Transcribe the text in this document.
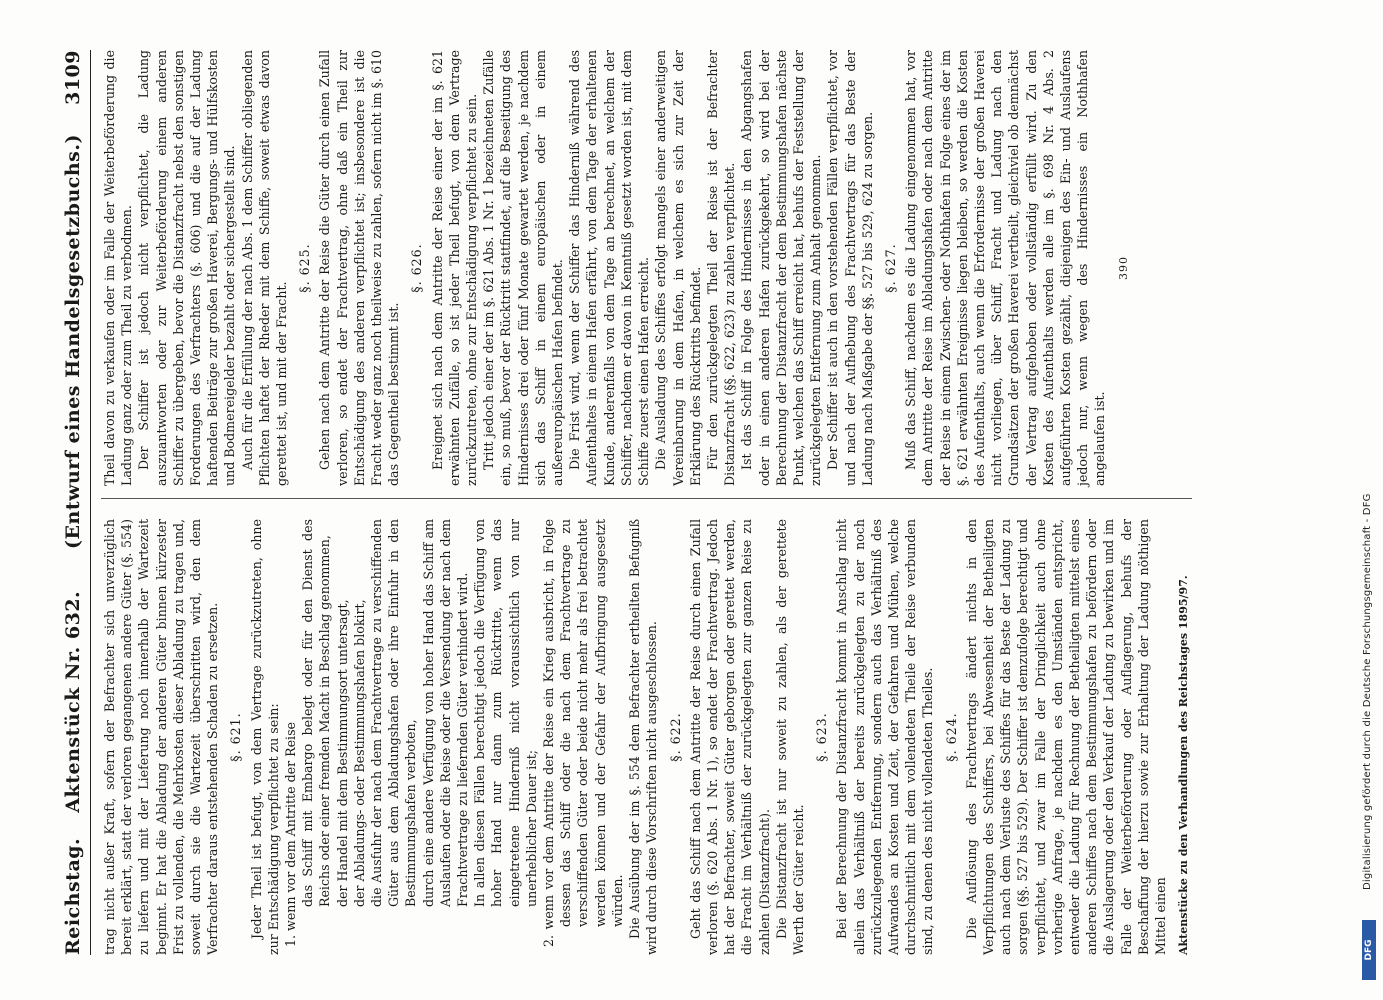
Reichstag. Aktenstück Nr. 632.
(Entwurf eines Handelsgesetzbuchs.) 3109

trag nicht außer Kraft, sofern der Befrachter sich unverzüglich bereit erklärt, statt der verloren gegangenen andere Güter (§. 554) zu liefern und mit der Lieferung noch innerhalb der Wartezeit beginnt. Er hat die Abladung der anderen Güter binnen kürzester Frist zu vollenden, die Mehrkosten dieser Abladung zu tragen und, soweit durch sie die Wartezeit überschritten wird, den dem Verfrachter daraus entstehenden Schaden zu ersetzen. §. 621. Jeder Theil ist befugt, von dem Vertrage zurückzutreten, ohne zur Entschädigung verpflichtet zu sein: 1. wenn vor dem Antritte der Reise das Schiff mit Embargo belegt oder für den Dienst des Reichs oder einer fremden Macht in Beschlag genommen, der Handel mit dem Bestimmungsort untersagt, der Abladungs- oder Bestimmungshafen blokirt, die Ausfuhr der nach dem Frachtvertrage zu verschiffenden Güter aus dem Abladungshafen oder ihre Einfuhr in den Bestimmungshafen verboten, durch eine andere Verfügung von hoher Hand das Schiff am Auslaufen oder die Reise oder die Versendung der nach dem Frachtvertrage zu liefernden Güter verhindert wird. In allen diesen Fällen berechtigt jedoch die Verfügung von hoher Hand nur dann zum Rücktritte, wenn das eingetretene Hinderniß nicht voraussichtlich von nur unerheblicher Dauer ist;

2. wenn vor dem Antritte der Reise ein Krieg ausbricht, in Folge dessen das Schiff oder die nach dem Frachtvertrage zu verschiffenden Güter oder beide nicht mehr als frei betrachtet werden können und der Gefahr der Aufbringung ausgesetzt würden. Die Ausübung der im §. 554 dem Befrachter ertheilten Befugniß wird durch diese Vorschriften nicht ausgeschlossen. §. 622. Geht das Schiff nach dem Antritte der Reise durch einen Zufall verloren (§. 620 Abs. 1 Nr. 1), so endet der Frachtvertrag. Jedoch hat der Befrachter, soweit Güter geborgen oder gerettet werden, die Fracht im Verhältniß der zurückgelegten zur ganzen Reise zu zahlen (Distanzfracht). Die Distanzfracht ist nur soweit zu zahlen, als der gerettete Werth der Güter reicht.

§. 623. Bei der Berechnung der Distanzfracht kommt in Anschlag nicht allein das Verhältniß der bereits zurückgelegten zu der noch zurückzulegenden Entfernung, sondern auch das Verhältniß des Aufwandes an Kosten und Zeit, der Gefahren und Mühen, welche durchschnittlich mit dem vollendeten Theile der Reise verbunden sind, zu denen des nicht vollendeten Theiles. §. 624. Die Auflösung des Frachtvertrags ändert nichts in den Verpflichtungen des Schiffers, bei Abwesenheit der Betheiligten auch nach dem Verluste des Schiffes für das Beste der Ladung zu sorgen (§§. 527 bis 529). Der Schiffer ist demzufolge berechtigt und verpflichtet, und zwar im Falle der Dringlichkeit auch ohne vorherige Anfrage, je nachdem es den Umständen entspricht, entweder die Ladung für Rechnung der Betheiligten mittelst eines anderen Schiffes nach dem Bestimmungshafen zu befördern oder die Auslagerung oder den Verkauf der Ladung zu bewirken und im Falle der Weiterbeförderung oder Auflagerung, behufs der Beschaffung der hierzu sowie zur Erhaltung der Ladung nöthigen Mittel einen Aktenstücke zu den Verhandlungen des Reichstages 1895/97.

Theil davon zu verkaufen oder im Falle der Weiterbeförderung die Ladung ganz oder zum Theil zu verbodmen. Der Schiffer ist jedoch nicht verpflichtet, die Ladung auszuantworten oder zur Weiterbeförderung einem anderen Schiffer zu übergeben, bevor die Distanzfracht nebst den sonstigen Forderungen des Verfrachters (§. 606) und die auf der Ladung haftenden Beiträge zur großen Haverei, Bergungs- und Hülfskosten und Bodmereigelder bezahlt oder sichergestellt sind. Auch für die Erfüllung der nach Abs. 1 dem Schiffer obliegenden Pflichten haftet der Rheder mit dem Schiffe, soweit etwas davon gerettet ist, und mit der Fracht.

§. 625. Gehen nach dem Antritte der Reise die Güter durch einen Zufall verloren, so endet der Frachtvertrag, ohne daß ein Theil zur Entschädigung des anderen verpflichtet ist; insbesondere ist die Fracht weder ganz noch theilweise zu zahlen, sofern nicht im §. 610 das Gegentheil bestimmt ist.

§. 626. Ereignet sich nach dem Antritte der Reise einer der im §. 621 erwähnten Zufälle, so ist jeder Theil befugt, von dem Vertrage zurückzutreten, ohne zur Entschädigung verpflichtet zu sein. Tritt jedoch einer der im §. 621 Abs. 1 Nr. 1 bezeichneten Zufälle ein, so muß, bevor der Rücktritt stattfindet, auf die Beseitigung des Hindernisses drei oder fünf Monate gewartet werden, je nachdem sich das Schiff in einem europäischen oder in einem außereuropäischen Hafen befindet. Die Frist wird, wenn der Schiffer das Hinderniß während des Aufenthaltes in einem Hafen erfährt, von dem Tage der erhaltenen Kunde, anderenfalls von dem Tage an berechnet, an welchem der Schiffer, nachdem er davon in Kenntniß gesetzt worden ist, mit dem Schiffe zuerst einen Hafen erreicht. Die Ausladung des Schiffes erfolgt mangels einer anderweitigen Vereinbarung in dem Hafen, in welchem es sich zur Zeit der Erklärung des Rücktritts befindet. Für den zurückgelegten Theil der Reise ist der Befrachter Distanzfracht (§§. 622, 623) zu zahlen verpflichtet. Ist das Schiff in Folge des Hindernisses in den Abgangshafen oder in einen anderen Hafen zurückgekehrt, so wird bei der Berechnung der Distanzfracht der dem Bestimmungshafen nächste Punkt, welchen das Schiff erreicht hat, behufs der Feststellung der zurückgelegten Entfernung zum Anhalt genommen. Der Schiffer ist auch in den vorstehenden Fällen verpflichtet, vor und nach der Aufhebung des Frachtvertrags für das Beste der Ladung nach Maßgabe der §§. 527 bis 529, 624 zu sorgen. §. 627. Muß das Schiff, nachdem es die Ladung eingenommen hat, vor dem Antritte der Reise im Abladungshafen oder nach dem Antritte der Reise in einem Zwischen- oder Nothhafen in Folge eines der im §. 621 erwähnten Ereignisse liegen bleiben, so werden die Kosten des Aufenthalts, auch wenn die Erfordernisse der großen Haverei nicht vorliegen, über Schiff, Fracht und Ladung nach den Grundsätzen der großen Haverei vertheilt, gleichviel ob demnächst der Vertrag aufgehoben oder vollständig erfüllt wird. Zu den Kosten des Aufenthalts werden alle im §. 698 Nr. 4 Abs. 2 aufgeführten Kosten gezählt, diejenigen des Ein- und Auslaufens jedoch nur, wenn wegen des Hindernisses ein Nothhafen angelaufen ist.

390
DFG
Digitalisierung gefördert durch die Deutsche Forschungsgemeinschaft - DFG
